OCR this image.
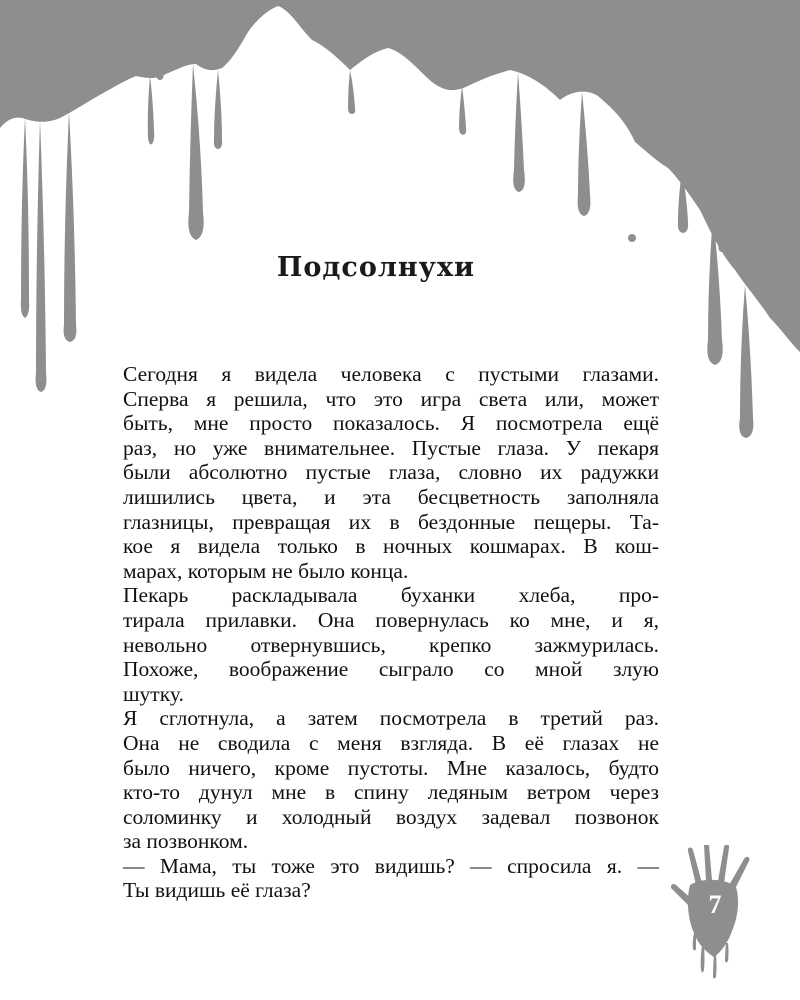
Подсолнухи

Сегодня я видела человека с пустыми глазами.
Сперва я решила, что это игра света или, может
быть, мне просто показалось. Я посмотрела ещё
раз, но уже внимательнее. Пустые глаза. У пекаря
были абсолютно пустые глаза, словно их радужки
лишились цвета, и эта бесцветность заполняла
глазницы, превращая их в бездонные пещеры. Та-
кое я видела только в ночных кошмарах. В кош-
марах, которым не было конца.

Пекарь раскладывала буханки хлеба, про-
тирала прилавки. Она повернулась ко мне, и я,
невольно отвернувшись, крепко зажмурилась.
Похоже, воображение сыграло со мной злую
шутку.

Я сглотнула, а затем посмотрела в третий раз.
Она не сводила с меня взгляда. В её глазах не
было ничего, кроме пустоты. Мне казалось, будто
кто-то дунул мне в спину ледяным ветром через
соломинку и холодный воздух задевал позвонок
за позвонком.

— Мама, ты тоже это видишь? — спросила я. —
Ты видишь её глаза?	7
